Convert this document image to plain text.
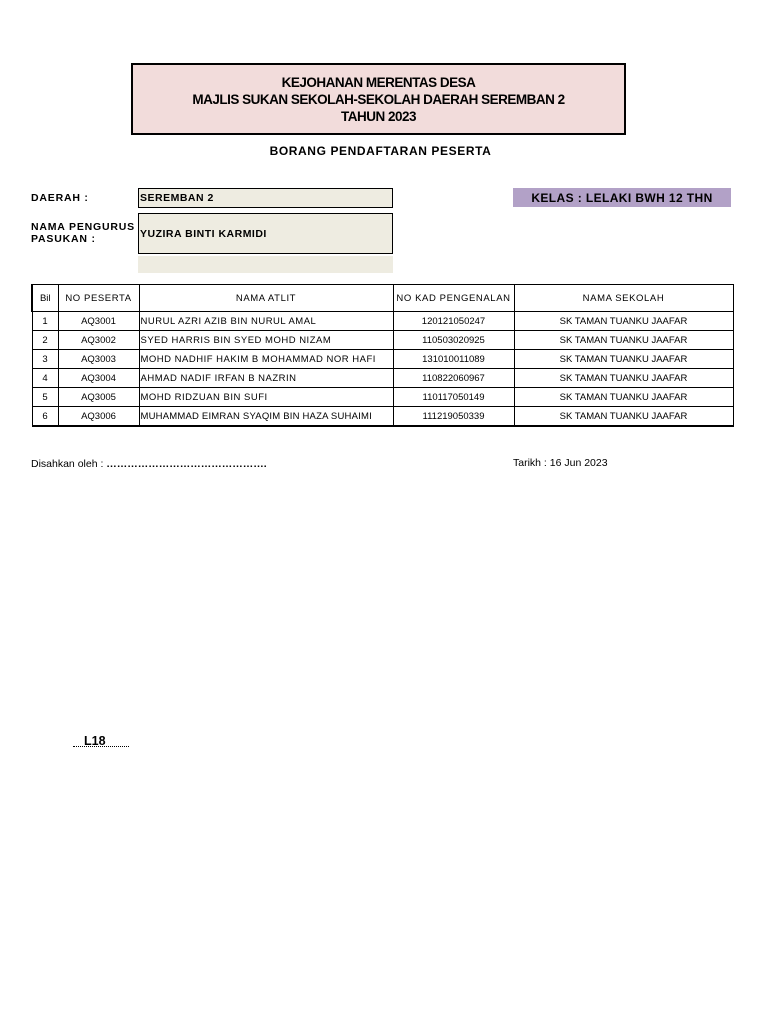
KEJOHANAN MERENTAS DESA
MAJLIS SUKAN SEKOLAH-SEKOLAH DAERAH SEREMBAN 2
TAHUN 2023
BORANG PENDAFTARAN PESERTA
DAERAH :	SEREMBAN 2
NAMA PENGURUS
PASUKAN :	YUZIRA BINTI KARMIDI
KELAS : LELAKI BWH 12 THN
Bil	NO PESERTA	NAMA ATLIT	NO KAD PENGENALAN	NAMA SEKOLAH
1	AQ3001	NURUL AZRI AZIB BIN NURUL AMAL	120121050247	SK TAMAN TUANKU JAAFAR
2	AQ3002	SYED HARRIS BIN SYED MOHD NIZAM	110503020925	SK TAMAN TUANKU JAAFAR
3	AQ3003	MOHD NADHIF HAKIM B MOHAMMAD NOR HAFI	131010011089	SK TAMAN TUANKU JAAFAR
4	AQ3004	AHMAD NADIF IRFAN B NAZRIN	110822060967	SK TAMAN TUANKU JAAFAR
5	AQ3005	MOHD RIDZUAN BIN SUFI	110117050149	SK TAMAN TUANKU JAAFAR
6	AQ3006	MUHAMMAD EIMRAN SYAQIM BIN HAZA SUHAIMI	111219050339	SK TAMAN TUANKU JAAFAR
Disahkan oleh : ……………………………………….	Tarikh : 16 Jun 2023
L18
